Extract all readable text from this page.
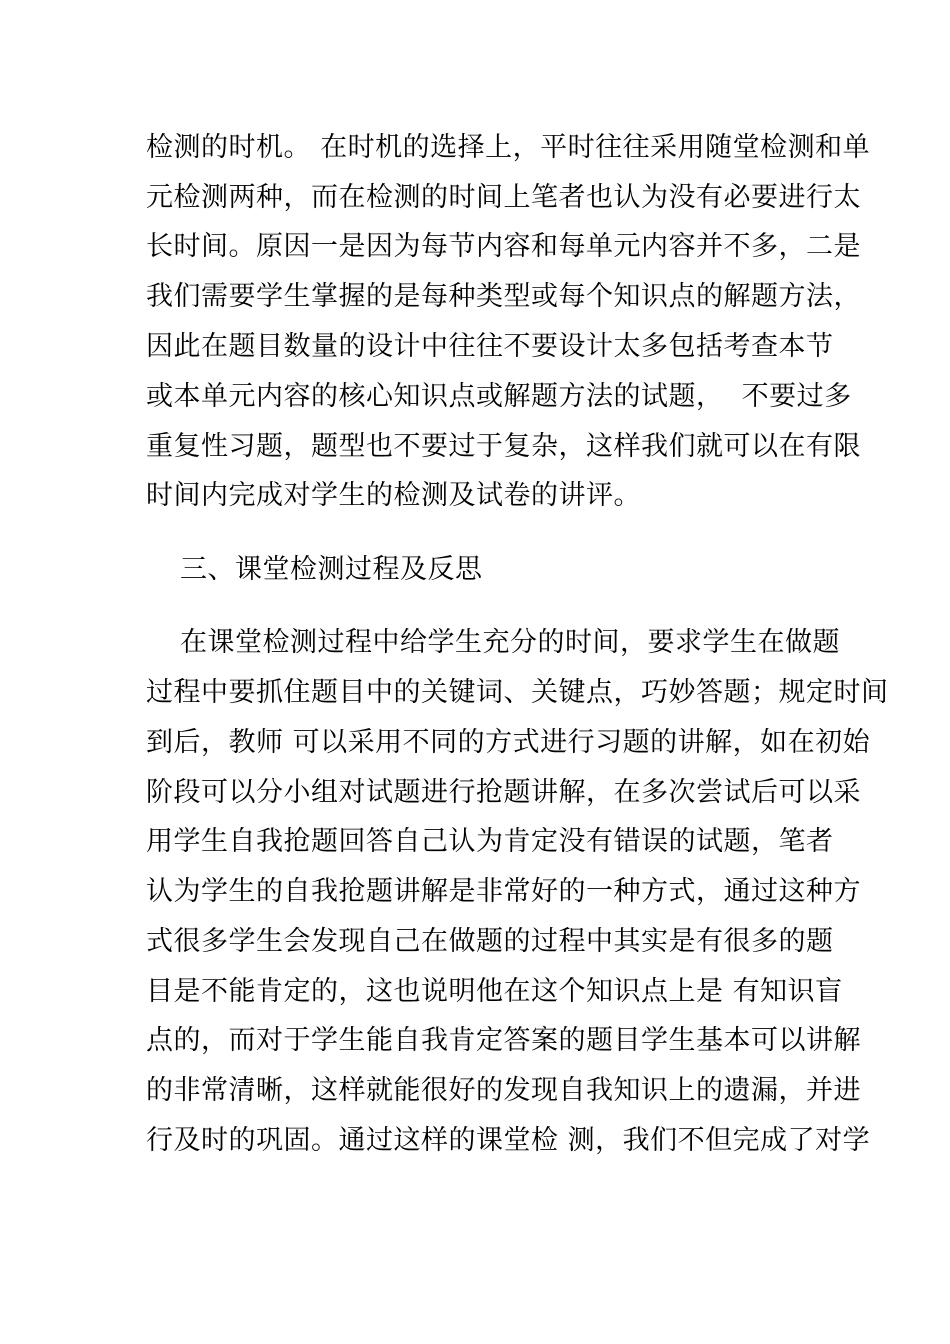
检测的时机。 在时机的选择上，平时往往采用随堂检测和单
元检测两种，而在检测的时间上笔者也认为没有必要进行太
长时间。原因一是因为每节内容和每单元内容并不多，二是
我们需要学生掌握的是每种类型或每个知识点的解题方法，
因此在题目数量的设计中往往不要设计太多包括考查本节
或本单元内容的核心知识点或解题方法的试题，  不要过多
重复性习题，题型也不要过于复杂，这样我们就可以在有限
时间内完成对学生的检测及试卷的讲评。
三、课堂检测过程及反思
在课堂检测过程中给学生充分的时间，要求学生在做题
过程中要抓住题目中的关键词、关键点，巧妙答题；规定时间
到后，教师 可以采用不同的方式进行习题的讲解，如在初始
阶段可以分小组对试题进行抢题讲解，在多次尝试后可以采
用学生自我抢题回答自己认为肯定没有错误的试题，笔者
认为学生的自我抢题讲解是非常好的一种方式，通过这种方
式很多学生会发现自己在做题的过程中其实是有很多的题
目是不能肯定的，这也说明他在这个知识点上是 有知识盲
点的，而对于学生能自我肯定答案的题目学生基本可以讲解
的非常清晰，这样就能很好的发现自我知识上的遗漏，并进
行及时的巩固。通过这样的课堂检 测，我们不但完成了对学
